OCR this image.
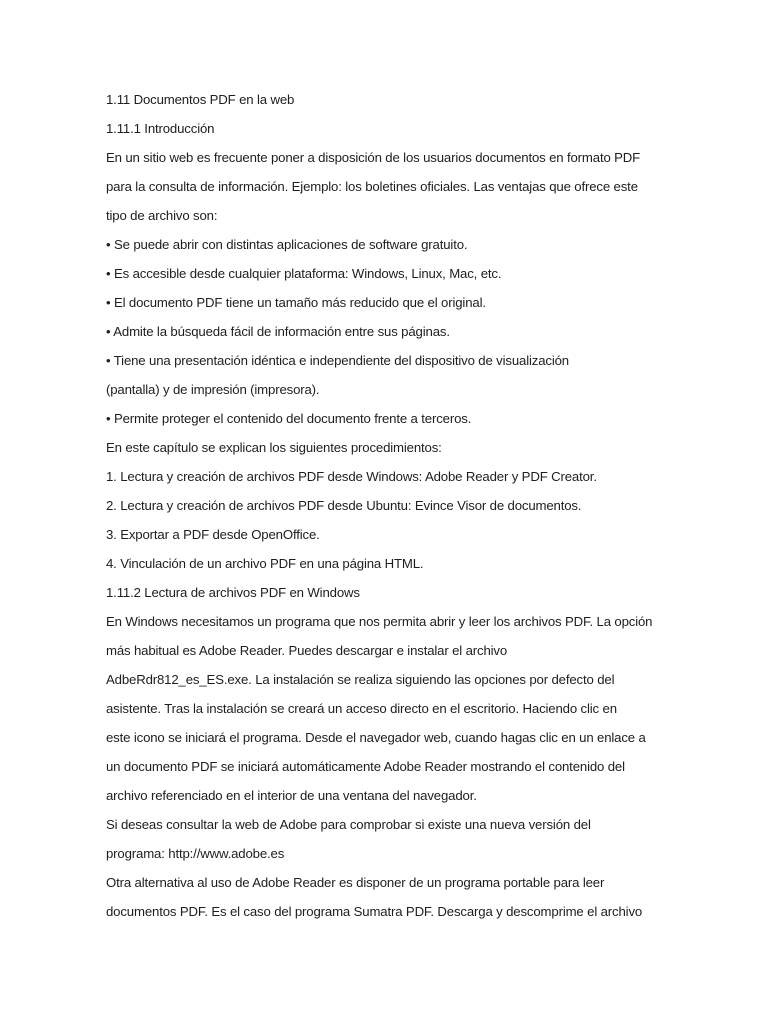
1.11 Documentos PDF en la web
1.11.1 Introducción
En un sitio web es frecuente poner a disposición de los usuarios documentos en formato PDF
para la consulta de información. Ejemplo: los boletines oficiales. Las ventajas que ofrece este
tipo de archivo son:
• Se puede abrir con distintas aplicaciones de software gratuito.
• Es accesible desde cualquier plataforma: Windows, Linux, Mac, etc.
• El documento PDF tiene un tamaño más reducido que el original.
• Admite la búsqueda fácil de información entre sus páginas.
• Tiene una presentación idéntica e independiente del dispositivo de visualización
(pantalla) y de impresión (impresora).
• Permite proteger el contenido del documento frente a terceros.
En este capítulo se explican los siguientes procedimientos:
1. Lectura y creación de archivos PDF desde Windows: Adobe Reader y PDF Creator.
2. Lectura y creación de archivos PDF desde Ubuntu: Evince Visor de documentos.
3. Exportar a PDF desde OpenOffice.
4. Vinculación de un archivo PDF en una página HTML.
1.11.2 Lectura de archivos PDF en Windows
En Windows necesitamos un programa que nos permita abrir y leer los archivos PDF. La opción
más habitual es Adobe Reader. Puedes descargar e instalar el archivo
AdbeRdr812_es_ES.exe. La instalación se realiza siguiendo las opciones por defecto del
asistente. Tras la instalación se creará un acceso directo en el escritorio. Haciendo clic en
este icono se iniciará el programa. Desde el navegador web, cuando hagas clic en un enlace a
un documento PDF se iniciará automáticamente Adobe Reader mostrando el contenido del
archivo referenciado en el interior de una ventana del navegador.
Si deseas consultar la web de Adobe para comprobar si existe una nueva versión del
programa: http://www.adobe.es
Otra alternativa al uso de Adobe Reader es disponer de un programa portable para leer
documentos PDF. Es el caso del programa Sumatra PDF. Descarga y descomprime el archivo
